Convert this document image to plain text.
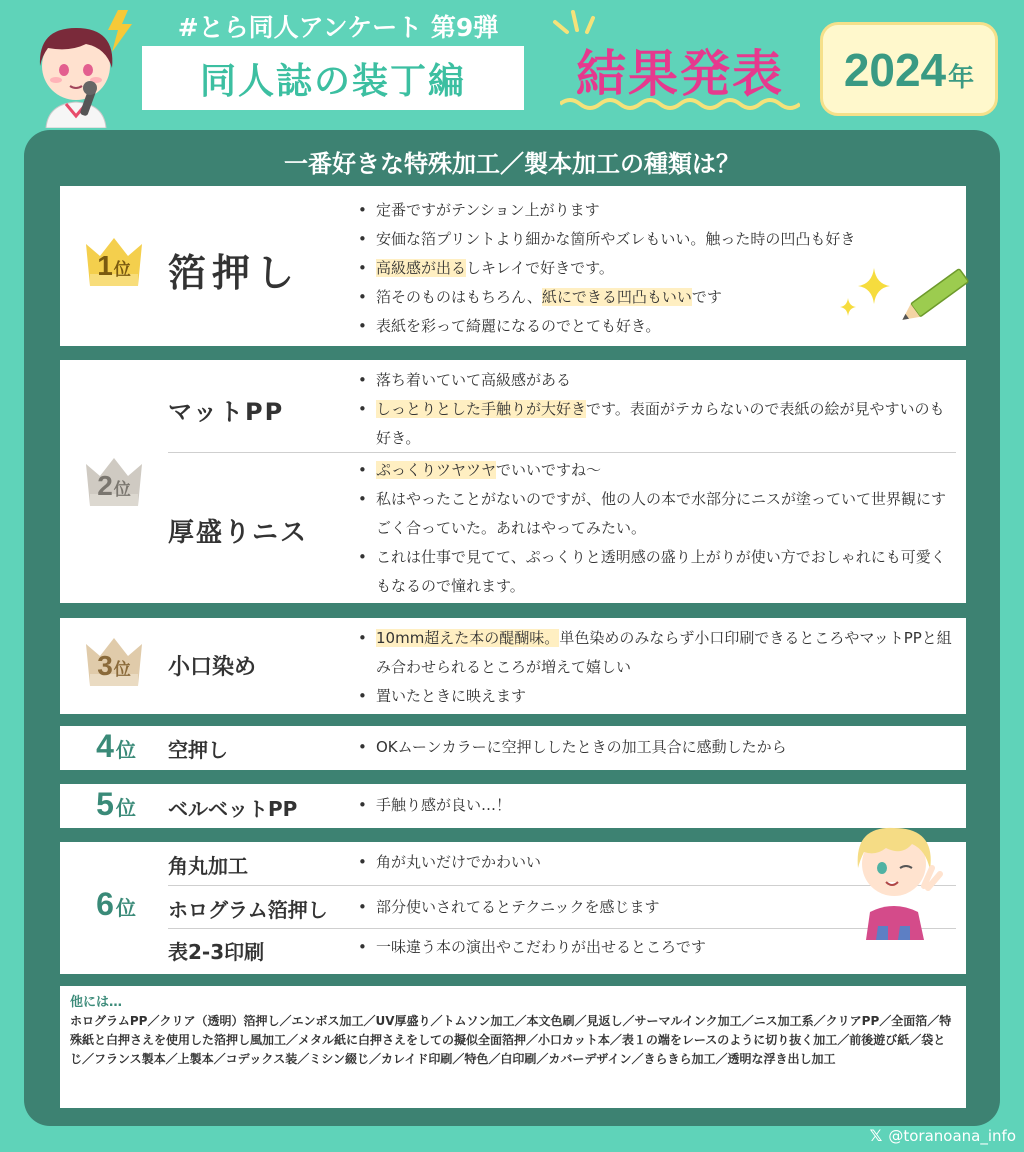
#とら同人アンケート 第9弾
同人誌の装丁編	結果発表	2024 年
一番好きな特殊加工／製本加工の種類は？
1 位 箔押し
• 定番ですがテンション上がります
• 安価な箔プリントより細かな箇所やズレもいい。触った時の凹凸も好き
• 高級感が出るしキレイで好きです。
• 箔そのものはもちろん、紙にできる凹凸もいいです
• 表紙を彩って綺麗になるのでとても好き。
2 位
マットPP
• 落ち着いていて高級感がある
• しっとりとした手触りが大好きです。表面がテカらないので表紙の絵が見やすいのも好き。
厚盛りニス
• ぷっくりツヤツヤでいいですね〜
• 私はやったことがないのですが、他の人の本で水部分にニスが塗っていて世界観にすごく合っていた。あれはやってみたい。
• これは仕事で見てて、ぷっくりと透明感の盛り上がりが使い方でおしゃれにも可愛くもなるので憧れます。
3 位 小口染め
• 10mm超えた本の醍醐味。単色染めのみならず小口印刷できるところやマットPPと組み合わせられるところが増えて嬉しい
• 置いたときに映えます
4 位 空押し	• OKムーンカラーに空押ししたときの加工具合に感動したから
5 位 ベルベットPP	• 手触り感が良い…！
6 位
角丸加工	• 角が丸いだけでかわいい
ホログラム箔押し	• 部分使いされてるとテクニックを感じます
表2-3印刷	• 一味違う本の演出やこだわりが出せるところです
他には…
ホログラムPP／クリア（透明）箔押し／エンボス加工／UV厚盛り／トムソン加工／本文色刷／見返し／サーマルインク加工／ニス加工系／クリアPP／全面箔／特殊紙と白押さえを使用した箔押し風加工／メタル紙に白押さえをしての擬似全面箔押／小口カット本／表１の端をレースのように切り抜く加工／前後遊び紙／袋とじ／フランス製本／上製本／コデックス装／ミシン綴じ／カレイド印刷／特色／白印刷／カバーデザイン／きらきら加工／透明な浮き出し加工
𝕏 @toranoana_info
